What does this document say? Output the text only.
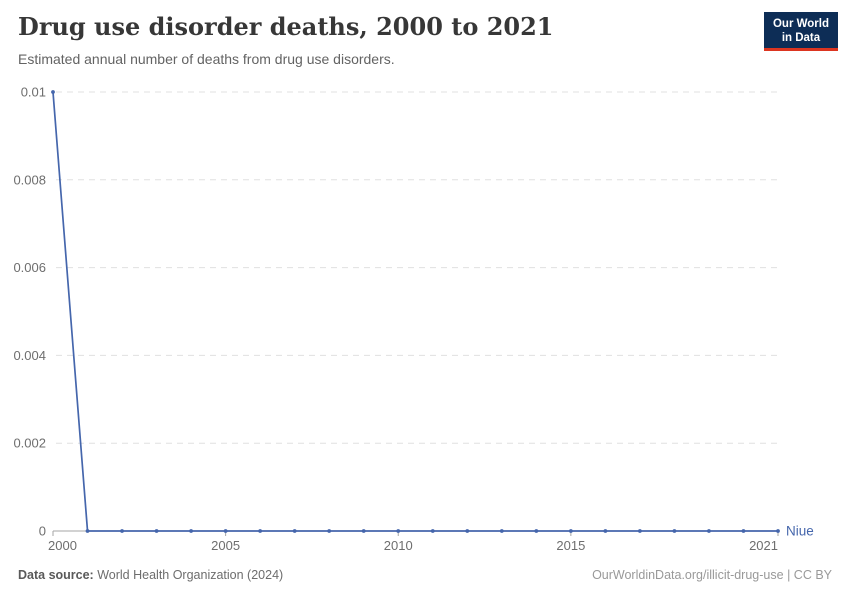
Drug use disorder deaths, 2000 to 2021

Estimated annual number of deaths from drug use disorders.

Our World
in Data
0
0.002
0.004
0.006
0.008
0.01
2000	2005	2010	2015	2021
Niue
Data source: World Health Organization (2024)	OurWorldinData.org/illicit-drug-use | CC BY
